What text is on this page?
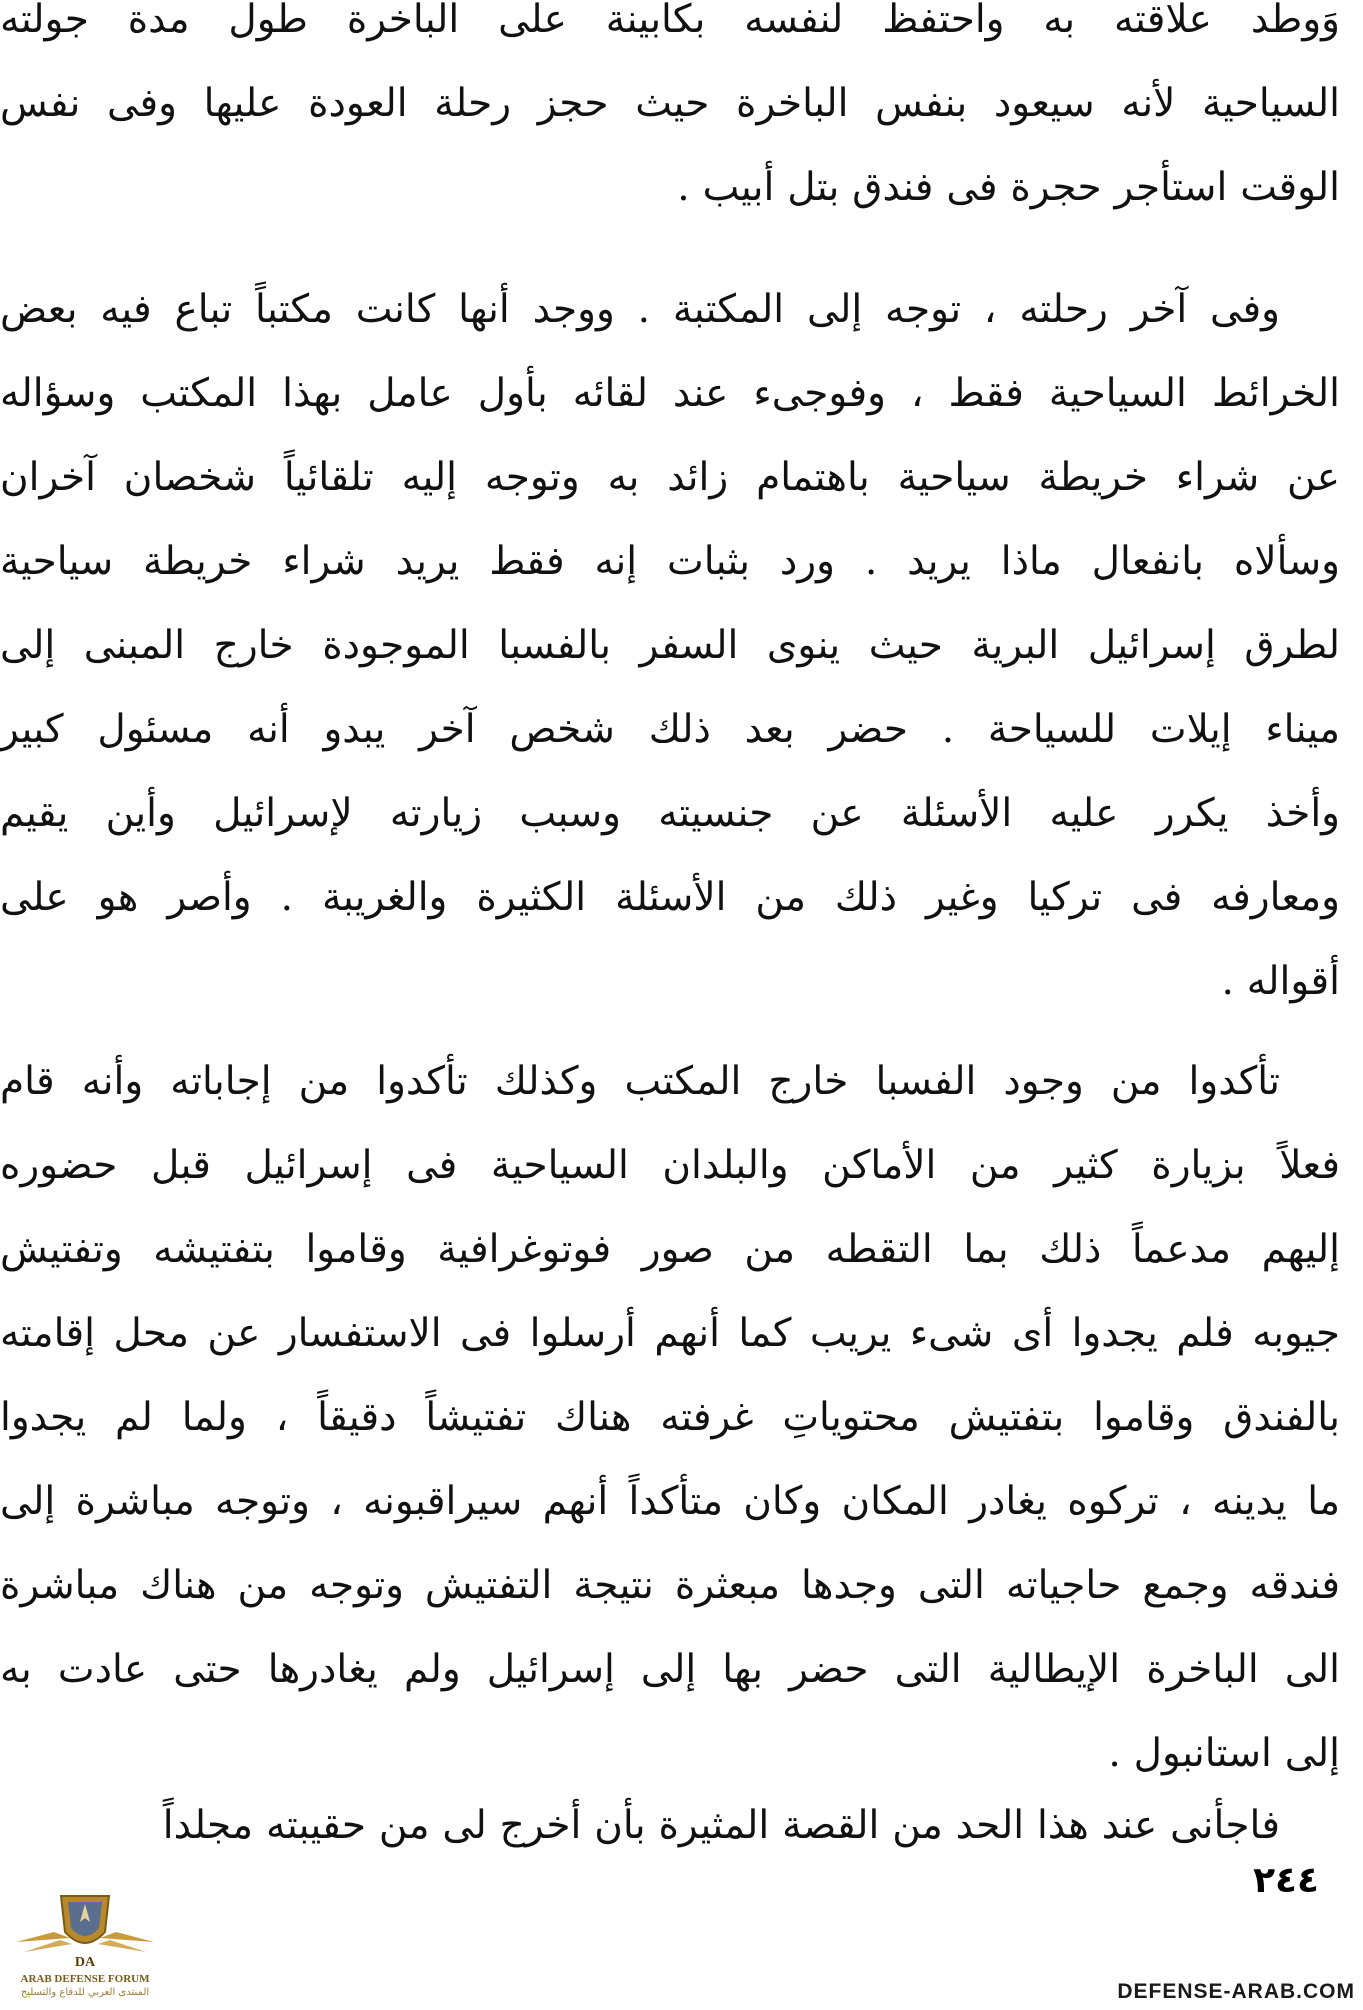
وَوطد علاقته به واحتفظ لنفسه بكابينة على الباخرة طول مدة جولته
السياحية لأنه سيعود بنفس الباخرة حيث حجز رحلة العودة عليها وفى نفس
الوقت استأجر حجرة فى فندق بتل أبيب .
وفى آخر رحلته ، توجه إلى المكتبة . ووجد أنها كانت مكتباً تباع فيه بعض
الخرائط السياحية فقط ، وفوجىء عند لقائه بأول عامل بهذا المكتب وسؤاله
عن شراء خريطة سياحية باهتمام زائد به وتوجه إليه تلقائياً شخصان آخران
وسألاه بانفعال ماذا يريد . ورد بثبات إنه فقط يريد شراء خريطة سياحية
لطرق إسرائيل البرية حيث ينوى السفر بالفسبا الموجودة خارج المبنى إلى
ميناء إيلات للسياحة . حضر بعد ذلك شخص آخر يبدو أنه مسئول كبير
وأخذ يكرر عليه الأسئلة عن جنسيته وسبب زيارته لإسرائيل وأين يقيم
ومعارفه فى تركيا وغير ذلك من الأسئلة الكثيرة والغريبة . وأصر هو على
أقواله .
تأكدوا من وجود الفسبا خارج المكتب وكذلك تأكدوا من إجاباته وأنه قام
فعلاً بزيارة كثير من الأماكن والبلدان السياحية فى إسرائيل قبل حضوره
إليهم مدعماً ذلك بما التقطه من صور فوتوغرافية وقاموا بتفتيشه وتفتيش
جيوبه فلم يجدوا أى شىء يريب كما أنهم أرسلوا فى الاستفسار عن محل إقامته
بالفندق وقاموا بتفتيش محتوياتِ غرفته هناك تفتيشاً دقيقاً ، ولما لم يجدوا
ما يدينه ، تركوه يغادر المكان وكان متأكداً أنهم سيراقبونه ، وتوجه مباشرة إلى
فندقه وجمع حاجياته التى وجدها مبعثرة نتيجة التفتيش وتوجه من هناك مباشرة
الى الباخرة الإيطالية التى حضر بها إلى إسرائيل ولم يغادرها حتى عادت به
إلى استانبول .
فاجأنى عند هذا الحد من القصة المثيرة بأن أخرج لى من حقيبته مجلداً
٢٤٤
DA
ARAB DEFENSE FORUM
المنتدى العربي للدفاع والتسليح	DEFENSE-ARAB.COM
